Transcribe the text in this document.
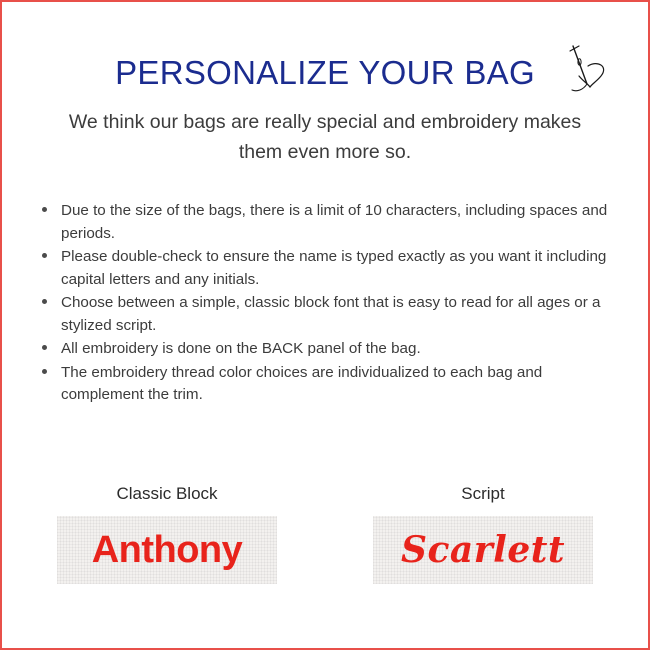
PERSONALIZE YOUR BAG
We think our bags are really special and embroidery makes them even more so.
Due to the size of the bags, there is a limit of 10 characters, including spaces and periods.
Please double-check to ensure the name is typed exactly as you want it including capital letters and any initials.
Choose between a simple, classic block font that is easy to read for all ages or a stylized script.
All embroidery is done on the BACK panel of the bag.
The embroidery thread color choices are individualized to each bag and complement the trim.
Classic Block
Anthony
Script
Scarlett
